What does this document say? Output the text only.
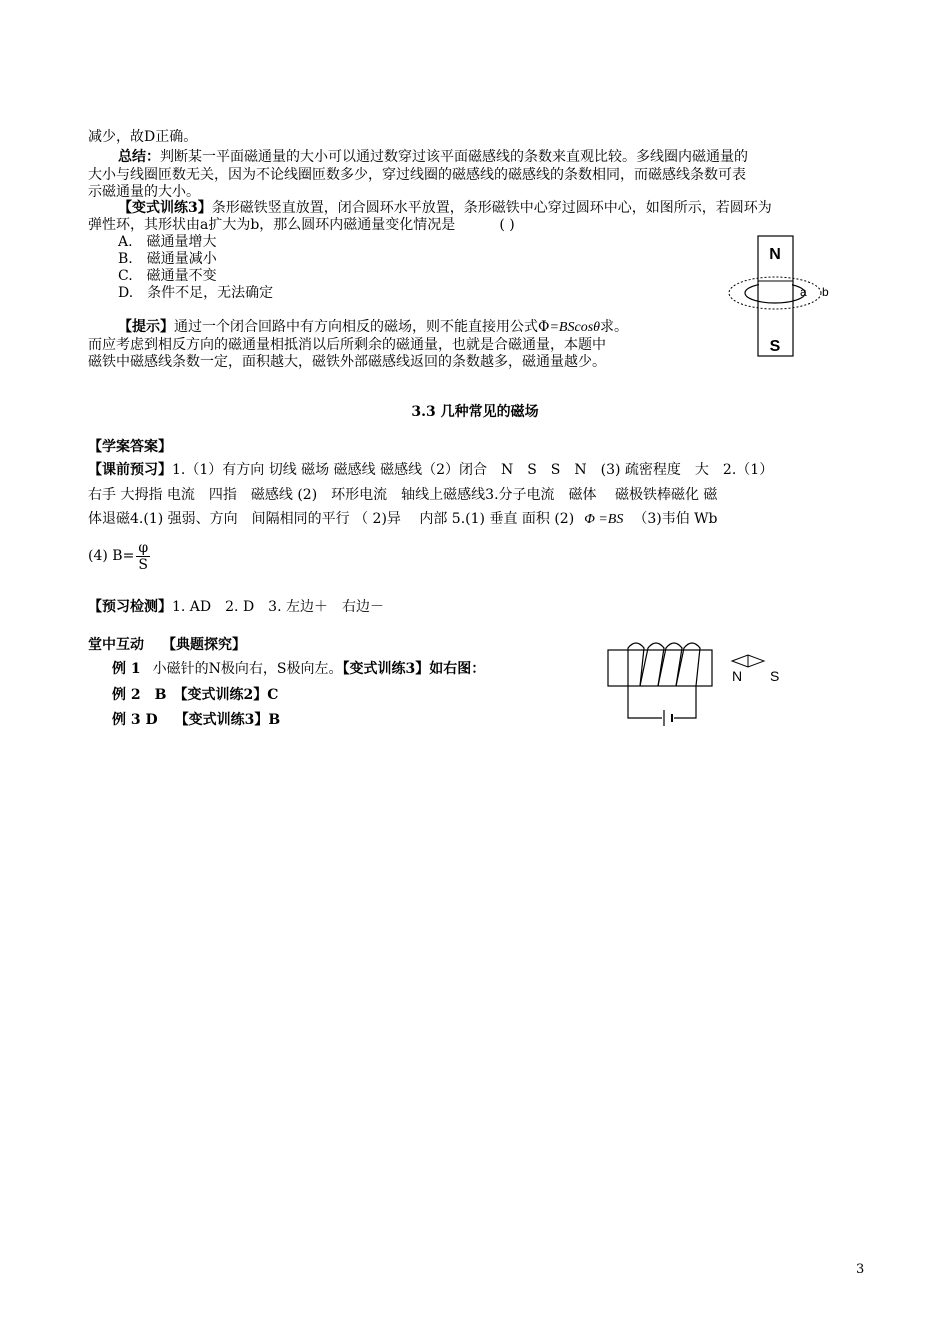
减少，故D正确。
总结：判断某一平面磁通量的大小可以通过数穿过该平面磁感线的条数来直观比较。多线圈内磁通量的
大小与线圈匝数无关，因为不论线圈匝数多少，穿过线圈的磁感线的磁感线的条数相同，而磁感线条数可表
示磁通量的大小。
【变式训练3】条形磁铁竖直放置，闭合圆环水平放置，条形磁铁中心穿过圆环中心，如图所示，若圆环为
弹性环，其形状由a扩大为b，那么圆环内磁通量变化情况是	( )
A.　磁通量增大
B.　磁通量减小
C.　磁通量不变
D.　条件不足，无法确定
【提示】通过一个闭合回路中有方向相反的磁场，则不能直接用公式Φ=BScosθ求。
而应考虑到相反方向的磁通量相抵消以后所剩余的磁通量，也就是合磁通量，本题中
磁铁中磁感线条数一定，面积越大，磁铁外部磁感线返回的条数越多，磁通量越少。
N
S
a b
3.3 几种常见的磁场
【学案答案】
【课前预习】1.（1）有方向 切线 磁场 磁感线 磁感线（2）闭合　N　S　S　N　(3) 疏密程度　大　2.（1）
右手 大拇指 电流　四指　磁感线 (2)　环形电流　轴线上磁感线3.分子电流　磁体　 磁极铁棒磁化 磁
体退磁4.(1) 强弱、方向　间隔相同的平行 （ 2)异　 内部 5.(1) 垂直 面积 (2) Φ =BS （3)韦伯 Wb
(4) $B= \frac{\varphi}{S}$
【预习检测】1. AD　2. D　3. 左边＋　右边－
堂中互动 【典题探究】
例 1 小磁针的N极向右，S极向左。【变式训练3】如右图：
例 2　B　【变式训练2】C
例 3 D　【变式训练3】B
N S
3
